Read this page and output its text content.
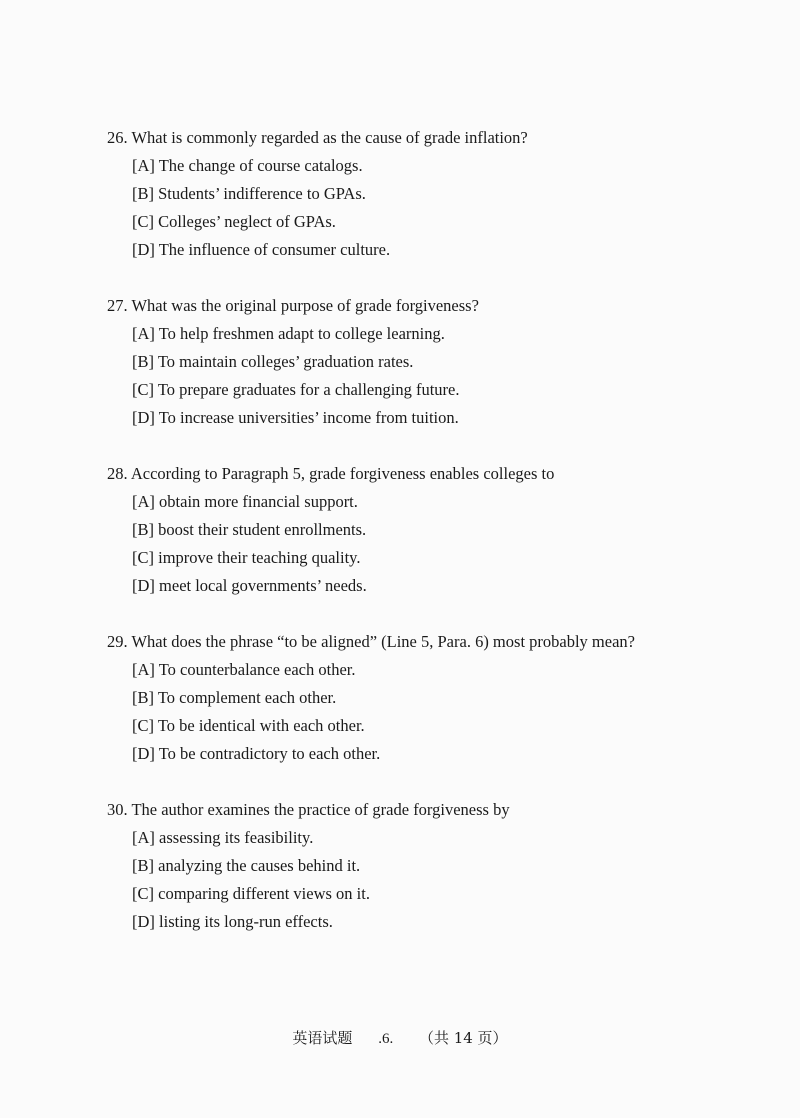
26. What is commonly regarded as the cause of grade inflation?
[A] The change of course catalogs.
[B] Students’ indifference to GPAs.
[C] Colleges’ neglect of GPAs.
[D] The influence of consumer culture.
27. What was the original purpose of grade forgiveness?
[A] To help freshmen adapt to college learning.
[B] To maintain colleges’ graduation rates.
[C] To prepare graduates for a challenging future.
[D] To increase universities’ income from tuition.
28. According to Paragraph 5, grade forgiveness enables colleges to
[A] obtain more financial support.
[B] boost their student enrollments.
[C] improve their teaching quality.
[D] meet local governments’ needs.
29. What does the phrase “to be aligned” (Line 5, Para. 6) most probably mean?
[A] To counterbalance each other.
[B] To complement each other.
[C] To be identical with each other.
[D] To be contradictory to each other.
30. The author examines the practice of grade forgiveness by
[A] assessing its feasibility.
[B] analyzing the causes behind it.
[C] comparing different views on it.
[D] listing its long-run effects.
英语试题 .6. （共 14 页）
